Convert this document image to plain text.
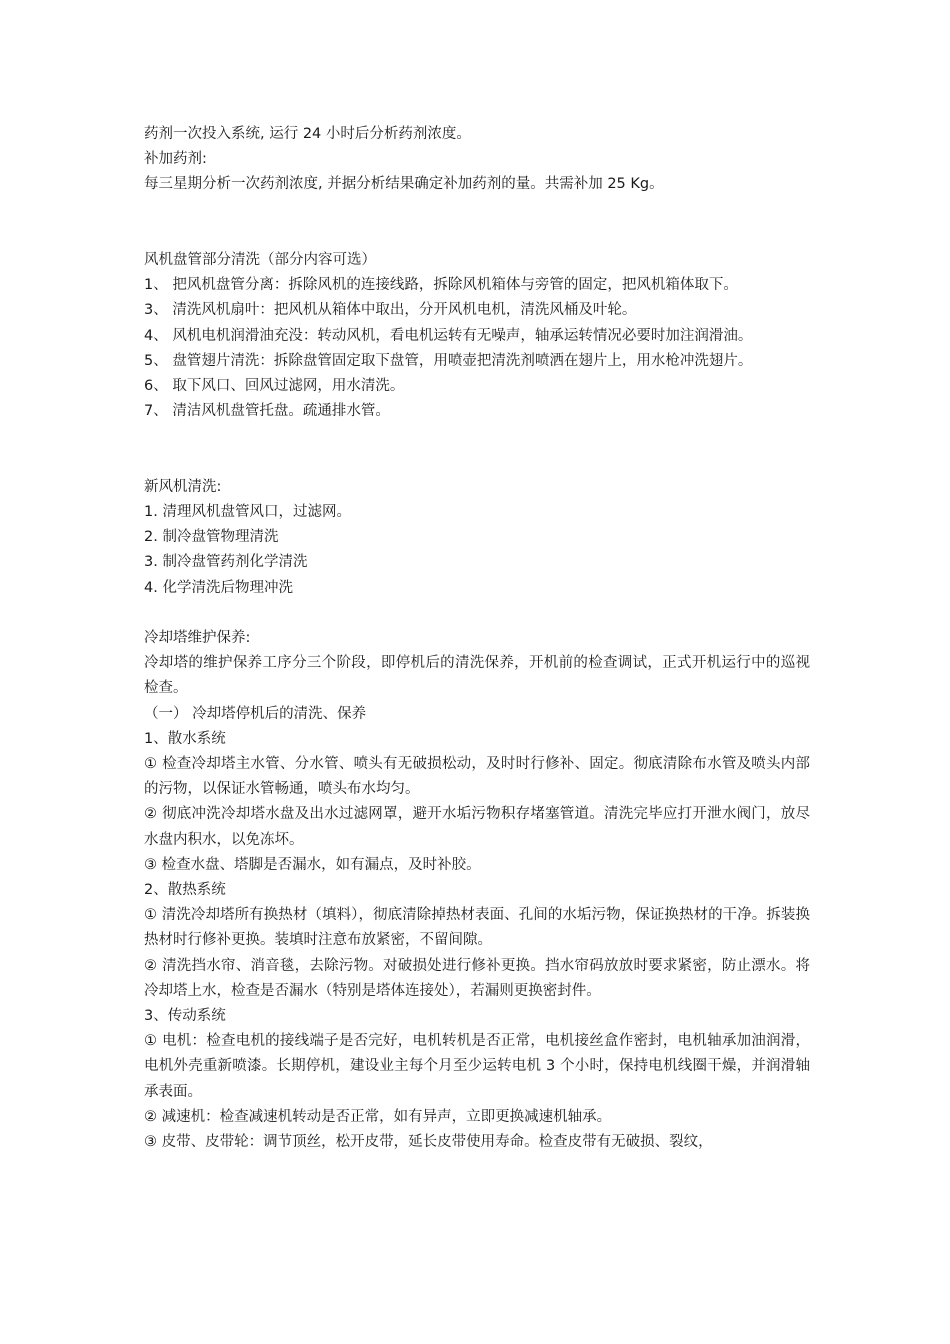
药剂一次投入系统, 运行 24 小时后分析药剂浓度。
补加药剂:
每三星期分析一次药剂浓度, 并据分析结果确定补加药剂的量。共需补加 25 Kg。
风机盘管部分清洗（部分内容可选）
1、 把风机盘管分离：拆除风机的连接线路，拆除风机箱体与旁管的固定，把风机箱体取下。
3、 清洗风机扇叶：把风机从箱体中取出，分开风机电机，清洗风桶及叶轮。
4、 风机电机润滑油充没：转动风机，看电机运转有无噪声，轴承运转情况必要时加注润滑油。
5、 盘管翅片清洗：拆除盘管固定取下盘管，用喷壶把清洗剂喷洒在翅片上，用水枪冲洗翅片。
6、 取下风口、回风过滤网，用水清洗。
7、 清洁风机盘管托盘。疏通排水管。
新风机清洗:
1. 清理风机盘管风口，过滤网。
2. 制冷盘管物理清洗
3. 制冷盘管药剂化学清洗
4. 化学清洗后物理冲洗
冷却塔维护保养:
冷却塔的维护保养工序分三个阶段，即停机后的清洗保养，开机前的检查调试，正式开机运行中的巡视检查。
（一） 冷却塔停机后的清洗、保养
1、散水系统
① 检查冷却塔主水管、分水管、喷头有无破损松动，及时时行修补、固定。彻底清除布水管及喷头内部的污物，以保证水管畅通，喷头布水均匀。
② 彻底冲洗冷却塔水盘及出水过滤网罩，避开水垢污物积存堵塞管道。清洗完毕应打开泄水阀门，放尽水盘内积水，以免冻坏。
③ 检查水盘、塔脚是否漏水，如有漏点，及时补胶。
2、散热系统
① 清洗冷却塔所有换热材（填料），彻底清除掉热材表面、孔间的水垢污物，保证换热材的干净。拆装换热材时行修补更换。装填时注意布放紧密，不留间隙。
② 清洗挡水帘、消音毯，去除污物。对破损处进行修补更换。挡水帘码放放时要求紧密，防止漂水。将冷却塔上水，检查是否漏水（特别是塔体连接处），若漏则更换密封件。
3、传动系统
① 电机：检查电机的接线端子是否完好，电机转机是否正常，电机接丝盒作密封，电机轴承加油润滑，电机外壳重新喷漆。长期停机，建设业主每个月至少运转电机 3 个小时，保持电机线圈干燥，并润滑轴承表面。
② 减速机：检查减速机转动是否正常，如有异声，立即更换减速机轴承。
③ 皮带、皮带轮：调节顶丝，松开皮带，延长皮带使用寿命。检查皮带有无破损、裂纹，
